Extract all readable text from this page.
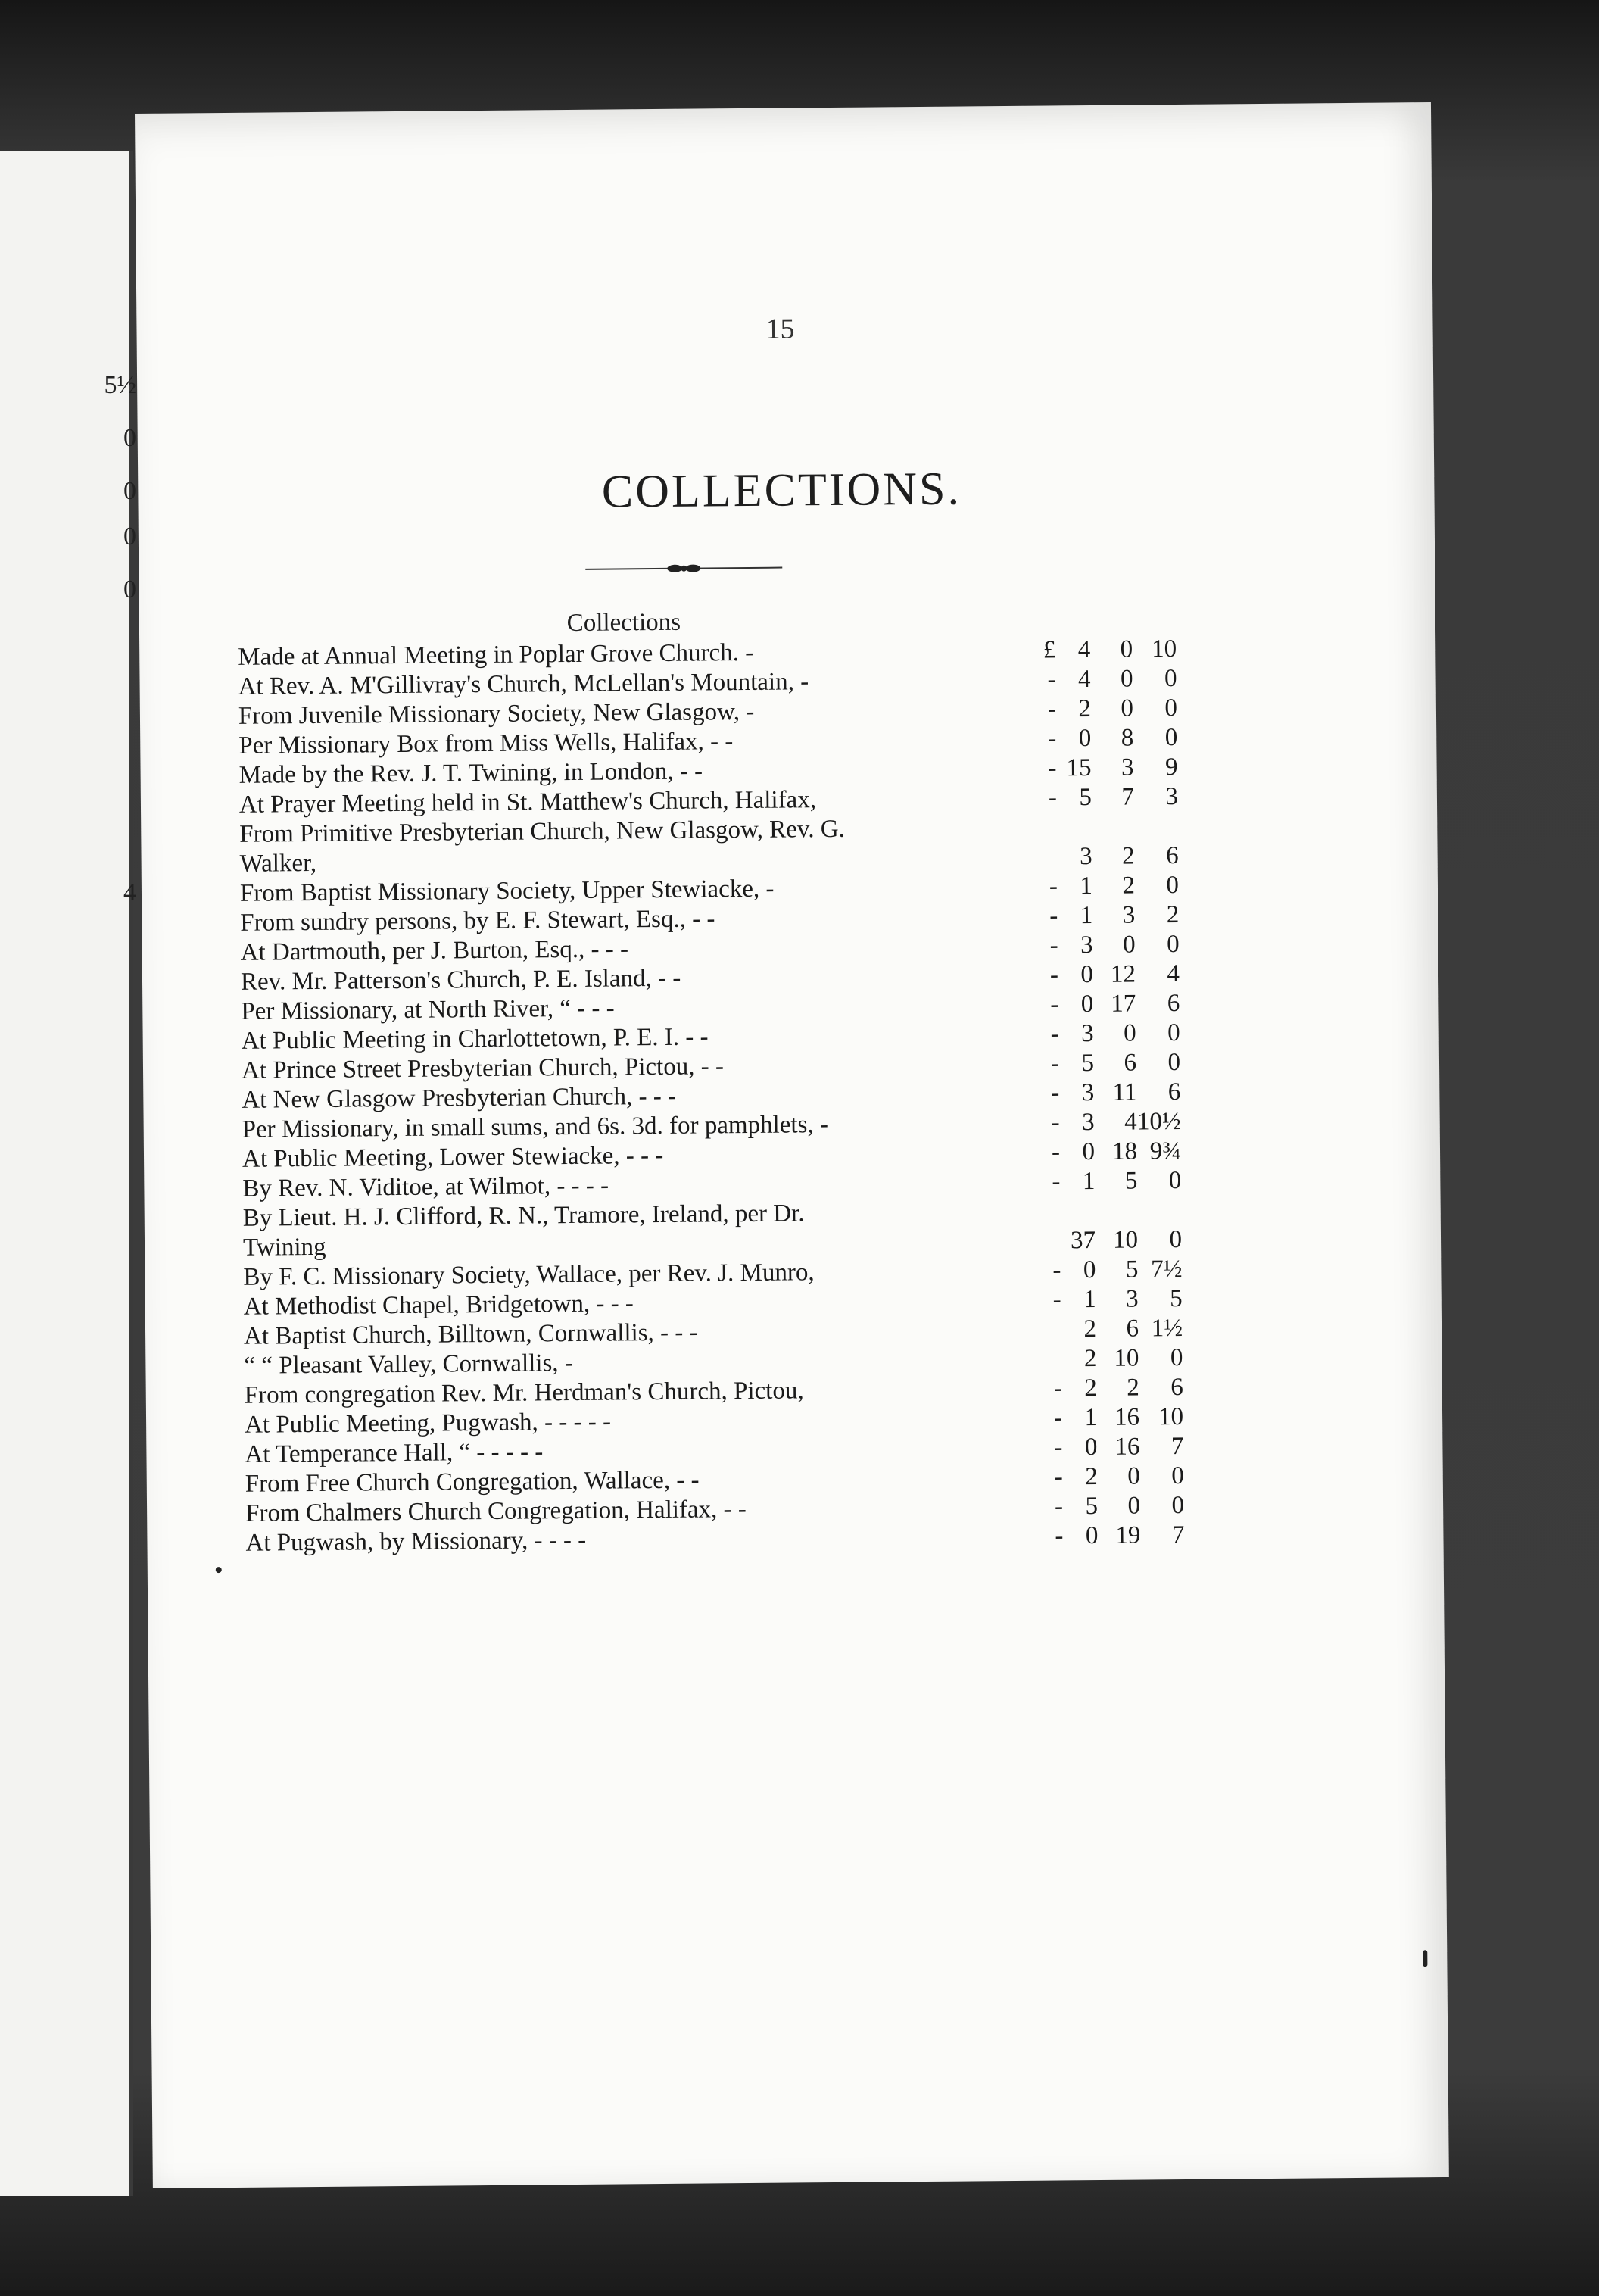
5½
0
0
0
0
4
15
COLLECTIONS.
Collections
Made at Annual Meeting in Poplar Grove Church. -	£ 4	0 10
At Rev. A. M'Gillivray's Church, McLellan's Mountain, -	- 4	0	0
From Juvenile Missionary Society, New Glasgow, -	- 2	0	0
Per Missionary Box from Miss Wells, Halifax, - -	- 0	8	0
Made by the Rev. J. T. Twining, in London, - -	- 15	3	9
At Prayer Meeting held in St. Matthew's Church, Halifax,	- 5	7	3
From Primitive Presbyterian Church, New Glasgow, Rev. G.
Walker,	3	2	6
From Baptist Missionary Society, Upper Stewiacke, -	- 1	2	0
From sundry persons, by E. F. Stewart, Esq., - -	- 1	3	2
At Dartmouth, per J. Burton, Esq., - - -	- 3	0	0
Rev. Mr. Patterson's Church, P. E. Island, - -	- 0 12	4
Per Missionary, at North River, “ - - -	- 0 17	6
At Public Meeting in Charlottetown, P. E. I. - -	- 3	0	0
At Prince Street Presbyterian Church, Pictou, - -	- 5	6	0
At New Glasgow Presbyterian Church, - - -	- 3 11	6
Per Missionary, in small sums, and 6s. 3d. for pamphlets, -	- 3	4 10½
At Public Meeting, Lower Stewiacke, - - -	- 0 18 9¾
By Rev. N. Viditoe, at Wilmot, - - - -	- 1	5	0
By Lieut. H. J. Clifford, R. N., Tramore, Ireland, per Dr.
Twining	37 10	0
By F. C. Missionary Society, Wallace, per Rev. J. Munro,	- 0	5 7½
At Methodist Chapel, Bridgetown, - - -	- 1	3	5
At Baptist Church, Billtown, Cornwallis, - - -	2	6 1½
“ “ Pleasant Valley, Cornwallis, -	2 10	0
From congregation Rev. Mr. Herdman's Church, Pictou,	- 2	2	6
At Public Meeting, Pugwash, - - - - -	- 1 16 10
At Temperance Hall, “ - - - - -	- 0 16	7
From Free Church Congregation, Wallace, - -	- 2	0	0
From Chalmers Church Congregation, Halifax, - -	- 5	0	0
At Pugwash, by Missionary, - - - -	- 0 19	7
